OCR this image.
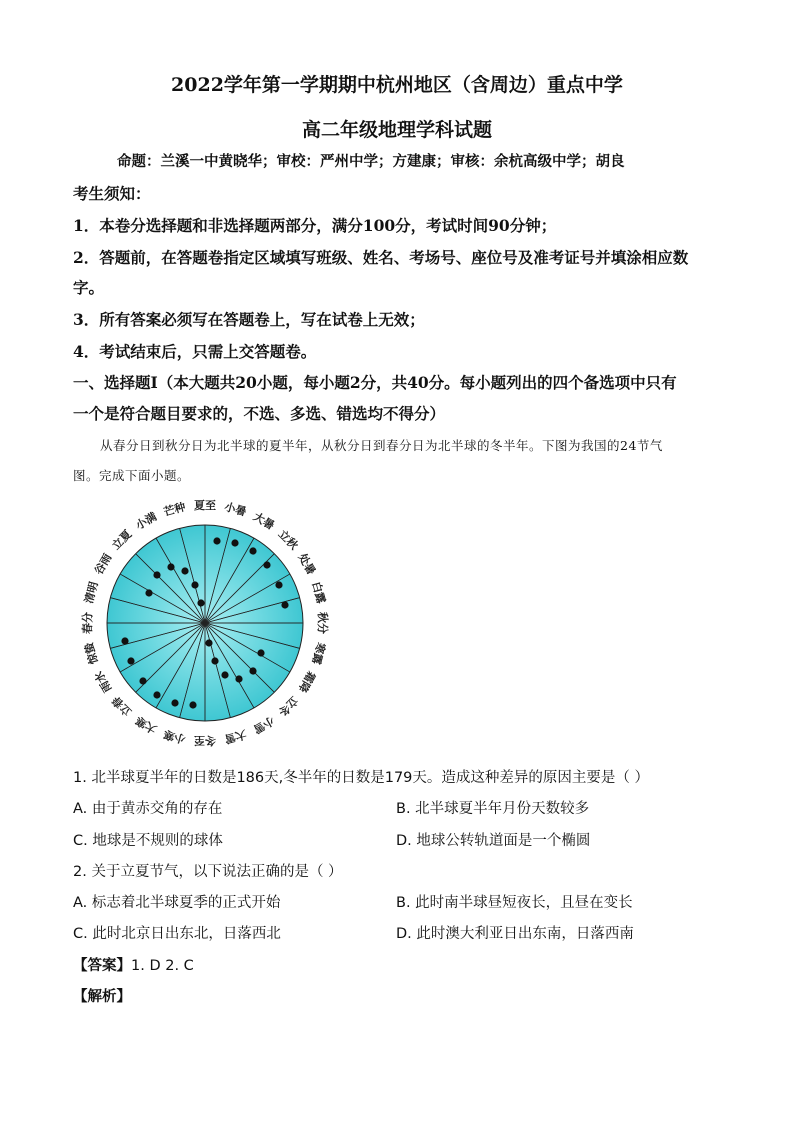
2022学年第一学期期中杭州地区（含周边）重点中学
高二年级地理学科试题
命题：兰溪一中黄晓华；审校：严州中学；方建康；审核：余杭高级中学；胡良
考生须知：
1．本卷分选择题和非选择题两部分，满分100分，考试时间90分钟；
2．答题前，在答题卷指定区域填写班级、姓名、考场号、座位号及准考证号并填涂相应数
字。
3．所有答案必须写在答题卷上，写在试卷上无效；
4．考试结束后，只需上交答题卷。
一、选择题Ⅰ（本大题共20小题，每小题2分，共40分。每小题列出的四个备选项中只有
一个是符合题目要求的，不选、多选、错选均不得分）
从春分日到秋分日为北半球的夏半年，从秋分日到春分日为北半球的冬半年。下图为我国的24节气
图。完成下面小题。
夏至 小暑
大暑
立秋
处暑
白露
秋分
寒露
霜降
立冬
小雪
大雪
冬至
小寒
大寒
立春
雨水
惊蛰
春分
清明
谷雨
立夏
小满
芒种
1. 北半球夏半年的日数是186天,冬半年的日数是179天。造成这种差异的原因主要是（ ）
A. 由于黄赤交角的存在	B. 北半球夏半年月份天数较多
C. 地球是不规则的球体	D. 地球公转轨道面是一个椭圆
2. 关于立夏节气，以下说法正确的是（ ）
A. 标志着北半球夏季的正式开始	B. 此时南半球昼短夜长，且昼在变长
C. 此时北京日出东北，日落西北	D. 此时澳大利亚日出东南，日落西南
【答案】1. D 2. C
【解析】
